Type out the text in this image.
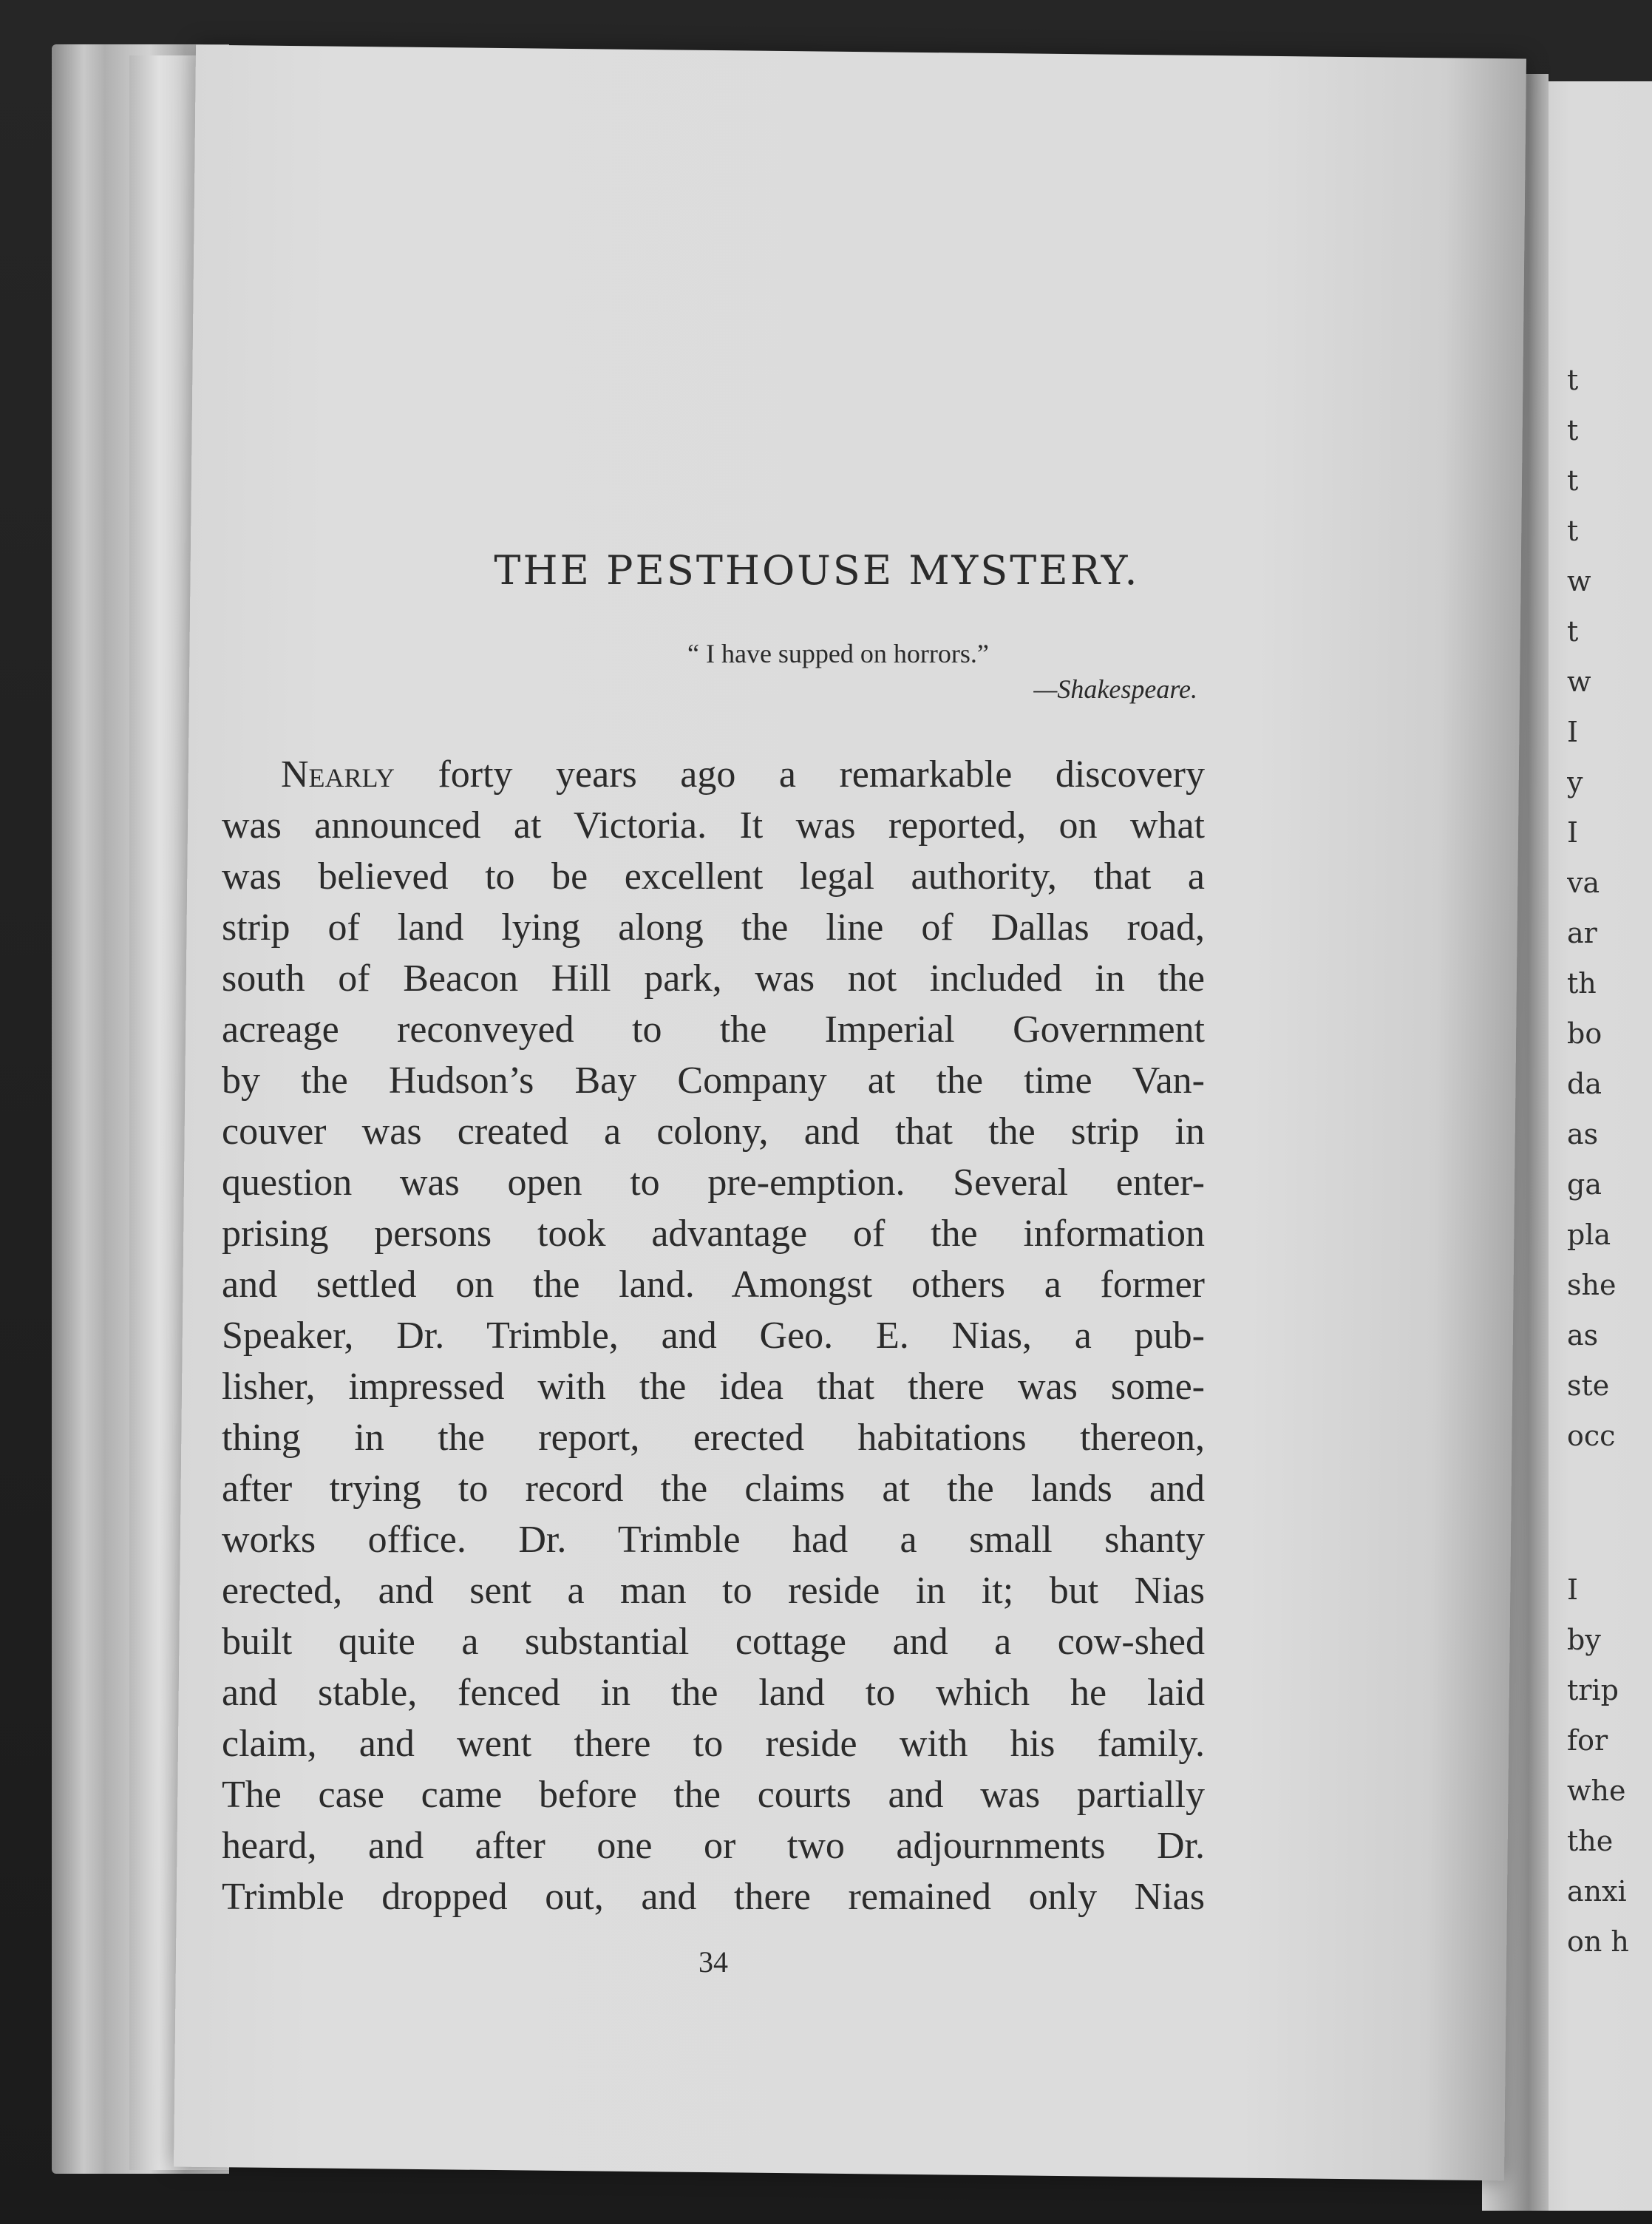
t
t
t
t
w
t
w
I
y
I
va
ar
th
bo
da
as
ga
pla
she
as
ste
occ
I
by
trip
for
whe
the
anxi
on h
THE PESTHOUSE MYSTERY.
“ I have supped on horrors.”
—Shakespeare.
Nearly forty years ago a remarkable discovery
was announced at Victoria. It was reported, on what
was believed to be excellent legal authority, that a
strip of land lying along the line of Dallas road,
south of Beacon Hill park, was not included in the
acreage reconveyed to the Imperial Government
by the Hudson’s Bay Company at the time Van-
couver was created a colony, and that the strip in
question was open to pre-emption. Several enter-
prising persons took advantage of the information
and settled on the land. Amongst others a former
Speaker, Dr. Trimble, and Geo. E. Nias, a pub-
lisher, impressed with the idea that there was some-
thing in the report, erected habitations thereon,
after trying to record the claims at the lands and
works office. Dr. Trimble had a small shanty
erected, and sent a man to reside in it; but Nias
built quite a substantial cottage and a cow-shed
and stable, fenced in the land to which he laid
claim, and went there to reside with his family.
The case came before the courts and was partially
heard, and after one or two adjournments Dr.
Trimble dropped out, and there remained only Nias
34
